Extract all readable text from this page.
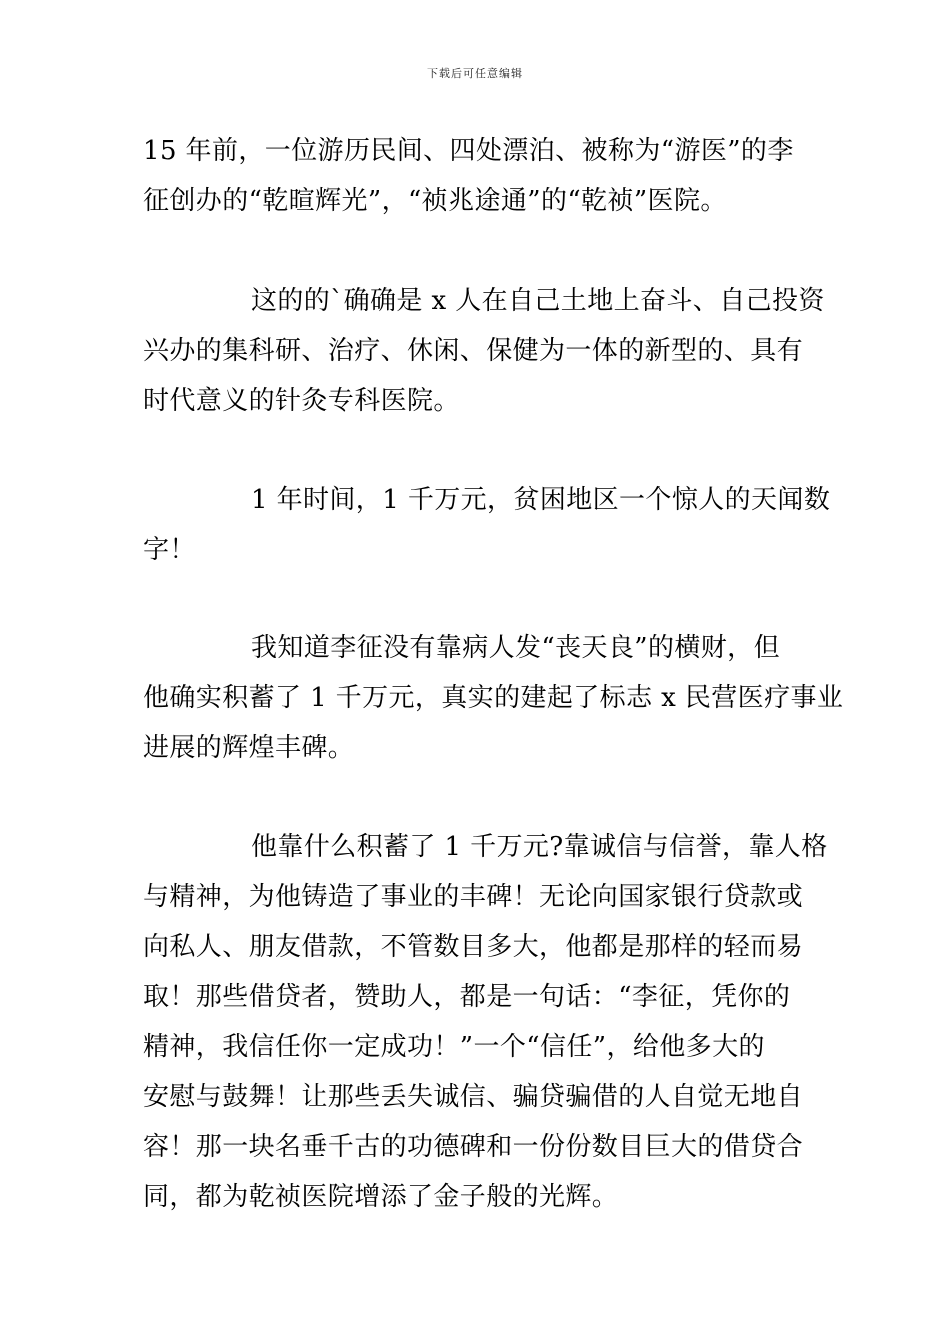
下载后可任意编辑
15 年前，一位游历民间、四处漂泊、被称为“游医”的李
征创办的“乾暄辉光”，“祯兆途通”的“乾祯”医院。
这的的`确确是 x 人在自己土地上奋斗、自己投资
兴办的集科研、治疗、休闲、保健为一体的新型的、具有
时代意义的针灸专科医院。
1 年时间，1 千万元，贫困地区一个惊人的天闻数
字！
我知道李征没有靠病人发“丧天良”的横财，但
他确实积蓄了 1 千万元，真实的建起了标志 x 民营医疗事业
进展的辉煌丰碑。
他靠什么积蓄了 1 千万元?靠诚信与信誉，靠人格
与精神，为他铸造了事业的丰碑！无论向国家银行贷款或
向私人、朋友借款，不管数目多大，他都是那样的轻而易
取！那些借贷者，赞助人，都是一句话：“李征，凭你的
精神，我信任你一定成功！”一个“信任”，给他多大的
安慰与鼓舞！让那些丢失诚信、骗贷骗借的人自觉无地自
容！那一块名垂千古的功德碑和一份份数目巨大的借贷合
同，都为乾祯医院增添了金子般的光辉。
